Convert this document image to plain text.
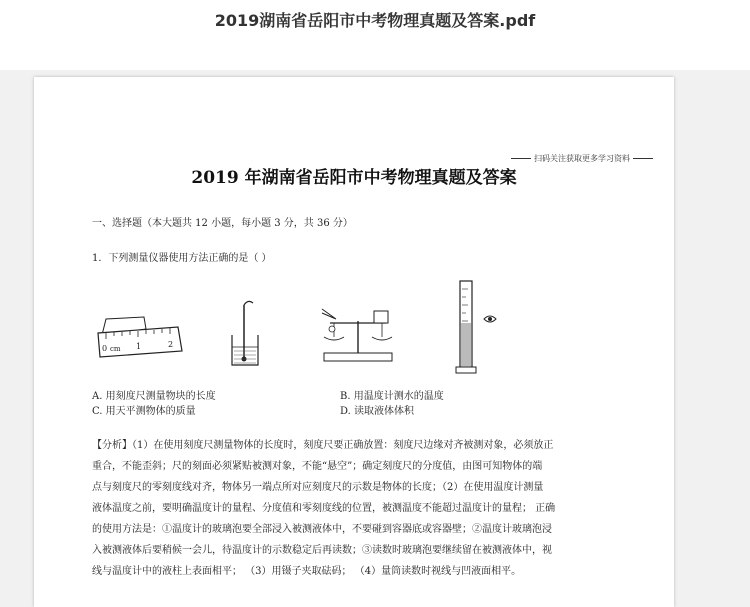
2019湖南省岳阳市中考物理真题及答案.pdf
扫码关注获取更多学习资料
2019 年湖南省岳阳市中考物理真题及答案
一、选择题（本大题共 12 小题，每小题 3 分，共 36 分）
1．下列测量仪器使用方法正确的是（ ）
0 cm 1	2
A. 用刻度尺测量物块的长度	B. 用温度计测水的温度
C. 用天平测物体的质量	D. 读取液体体积
【分析】（1）在使用刻度尺测量物体的长度时，刻度尺要正确放置：刻度尺边缘对齐被测对象，必须放正
重合，不能歪斜；尺的刻面必须紧贴被测对象，不能“悬空”；确定刻度尺的分度值，由图可知物体的端
点与刻度尺的零刻度线对齐，物体另一端点所对应刻度尺的示数是物体的长度；（2）在使用温度计测量
液体温度之前，要明确温度计的量程、分度值和零刻度线的位置，被测温度不能超过温度计的量程； 正确
的使用方法是：①温度计的玻璃泡要全部浸入被测液体中，不要碰到容器底或容器壁；②温度计玻璃泡浸
入被测液体后要稍候一会儿，待温度计的示数稳定后再读数；③读数时玻璃泡要继续留在被测液体中，视
线与温度计中的液柱上表面相平； （3）用镊子夹取砝码； （4）量筒读数时视线与凹液面相平。
